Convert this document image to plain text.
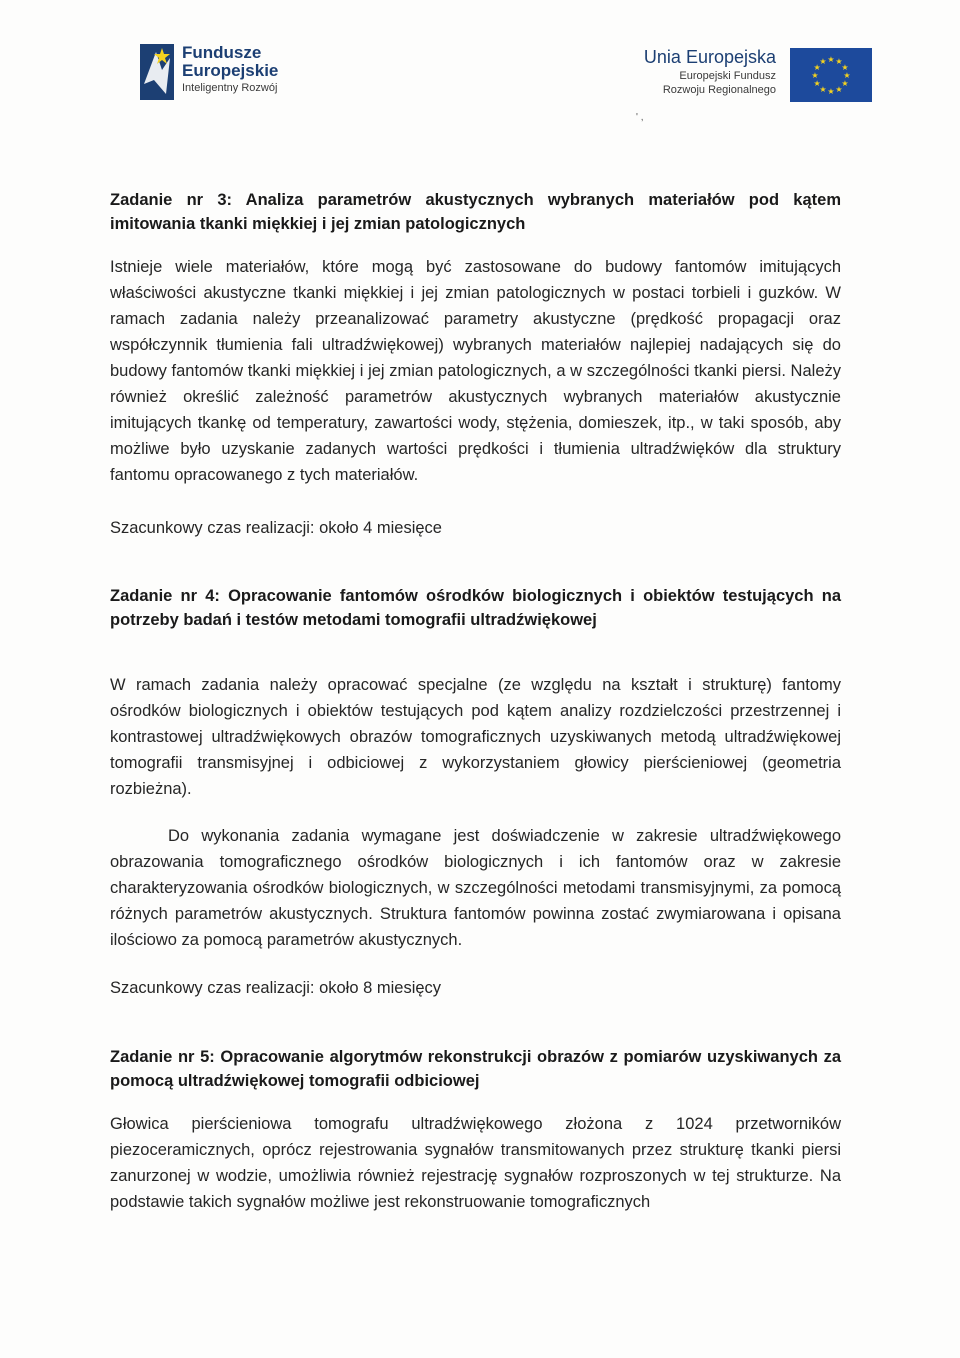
Fundusze
Europejskie
Inteligentny Rozwój
Unia Europejska
Europejski Fundusz
Rozwoju Regionalnego
★ ★
★
★
★
★
★
★
★
★
★
★
' ,

Zadanie nr 3: Analiza parametrów akustycznych wybranych materiałów pod kątem imitowania tkanki miękkiej i jej zmian patologicznych

Istnieje wiele materiałów, które mogą być zastosowane do budowy fantomów imitujących właściwości akustyczne tkanki miękkiej i jej zmian patologicznych w postaci torbieli i guzków. W ramach zadania należy przeanalizować parametry akustyczne (prędkość propagacji oraz współczynnik tłumienia fali ultradźwiękowej) wybranych materiałów najlepiej nadających się do budowy fantomów tkanki miękkiej i jej zmian patologicznych, a w szczególności tkanki piersi. Należy również określić zależność parametrów akustycznych wybranych materiałów akustycznie imitujących tkankę od temperatury, zawartości wody, stężenia, domieszek, itp., w taki sposób, aby możliwe było uzyskanie zadanych wartości prędkości i tłumienia ultradźwięków dla struktury fantomu opracowanego z tych materiałów.

Szacunkowy czas realizacji: około 4 miesięce

Zadanie nr 4: Opracowanie fantomów ośrodków biologicznych i obiektów testujących na potrzeby badań i testów metodami tomografii ultradźwiękowej

W ramach zadania należy opracować specjalne (ze względu na kształt i strukturę) fantomy ośrodków biologicznych i obiektów testujących pod kątem analizy rozdzielczości przestrzennej i kontrastowej ultradźwiękowych obrazów tomograficznych uzyskiwanych metodą ultradźwiękowej tomografii transmisyjnej i odbiciowej z wykorzystaniem głowicy pierścieniowej (geometria rozbieżna).

Do wykonania zadania wymagane jest doświadczenie w zakresie ultradźwiękowego obrazowania tomograficznego ośrodków biologicznych i ich fantomów oraz w zakresie charakteryzowania ośrodków biologicznych, w szczególności metodami transmisyjnymi, za pomocą różnych parametrów akustycznych. Struktura fantomów powinna zostać zwymiarowana i opisana ilościowo za pomocą parametrów akustycznych.

Szacunkowy czas realizacji: około 8 miesięcy

Zadanie nr 5: Opracowanie algorytmów rekonstrukcji obrazów z pomiarów uzyskiwanych za pomocą ultradźwiękowej tomografii odbiciowej

Głowica pierścieniowa tomografu ultradźwiękowego złożona z 1024 przetworników piezoceramicznych, oprócz rejestrowania sygnałów transmitowanych przez strukturę tkanki piersi zanurzonej w wodzie, umożliwia również rejestrację sygnałów rozproszonych w tej strukturze. Na podstawie takich sygnałów możliwe jest rekonstruowanie tomograficznych
